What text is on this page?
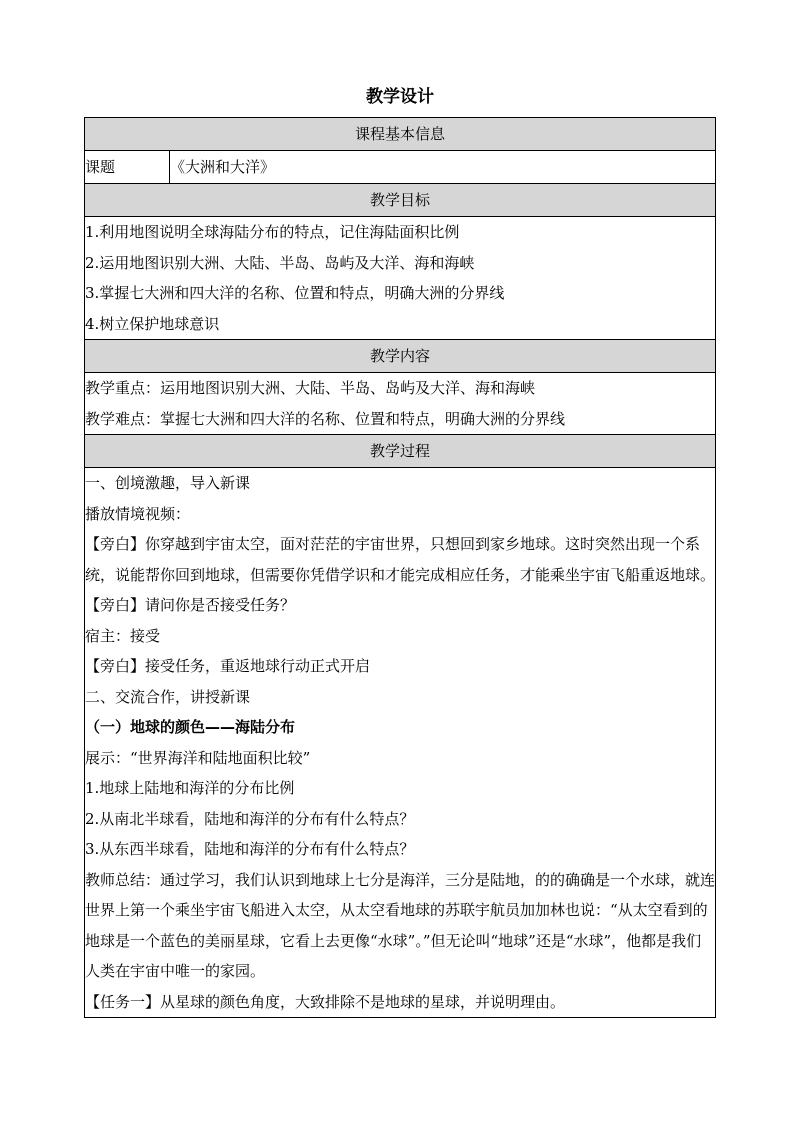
教学设计
课程基本信息
课题	《大洲和大洋》
教学目标

1.利用地图说明全球海陆分布的特点，记住海陆面积比例

2.运用地图识别大洲、大陆、半岛、岛屿及大洋、海和海峡

3.掌握七大洲和四大洋的名称、位置和特点，明确大洲的分界线

4.树立保护地球意识

教学内容

教学重点：运用地图识别大洲、大陆、半岛、岛屿及大洋、海和海峡

教学难点：掌握七大洲和四大洋的名称、位置和特点，明确大洲的分界线

教学过程

一、创境激趣，导入新课

播放情境视频：

【旁白】你穿越到宇宙太空，面对茫茫的宇宙世界，只想回到家乡地球。这时突然出现一个系统，说能帮你回到地球，但需要你凭借学识和才能完成相应任务，才能乘坐宇宙飞船重返地球。

【旁白】请问你是否接受任务？

宿主：接受

【旁白】接受任务，重返地球行动正式开启

二、交流合作，讲授新课

（一）地球的颜色——海陆分布

展示：“世界海洋和陆地面积比较”

1.地球上陆地和海洋的分布比例

2.从南北半球看，陆地和海洋的分布有什么特点？

3.从东西半球看，陆地和海洋的分布有什么特点？

教师总结：通过学习，我们认识到地球上七分是海洋，三分是陆地，的的确确是一个水球，就连世界上第一个乘坐宇宙飞船进入太空，从太空看地球的苏联宇航员加加林也说：“从太空看到的地球是一个蓝色的美丽星球，它看上去更像“水球”。”但无论叫“地球”还是“水球”，他都是我们人类在宇宙中唯一的家园。

【任务一】从星球的颜色角度，大致排除不是地球的星球，并说明理由。
